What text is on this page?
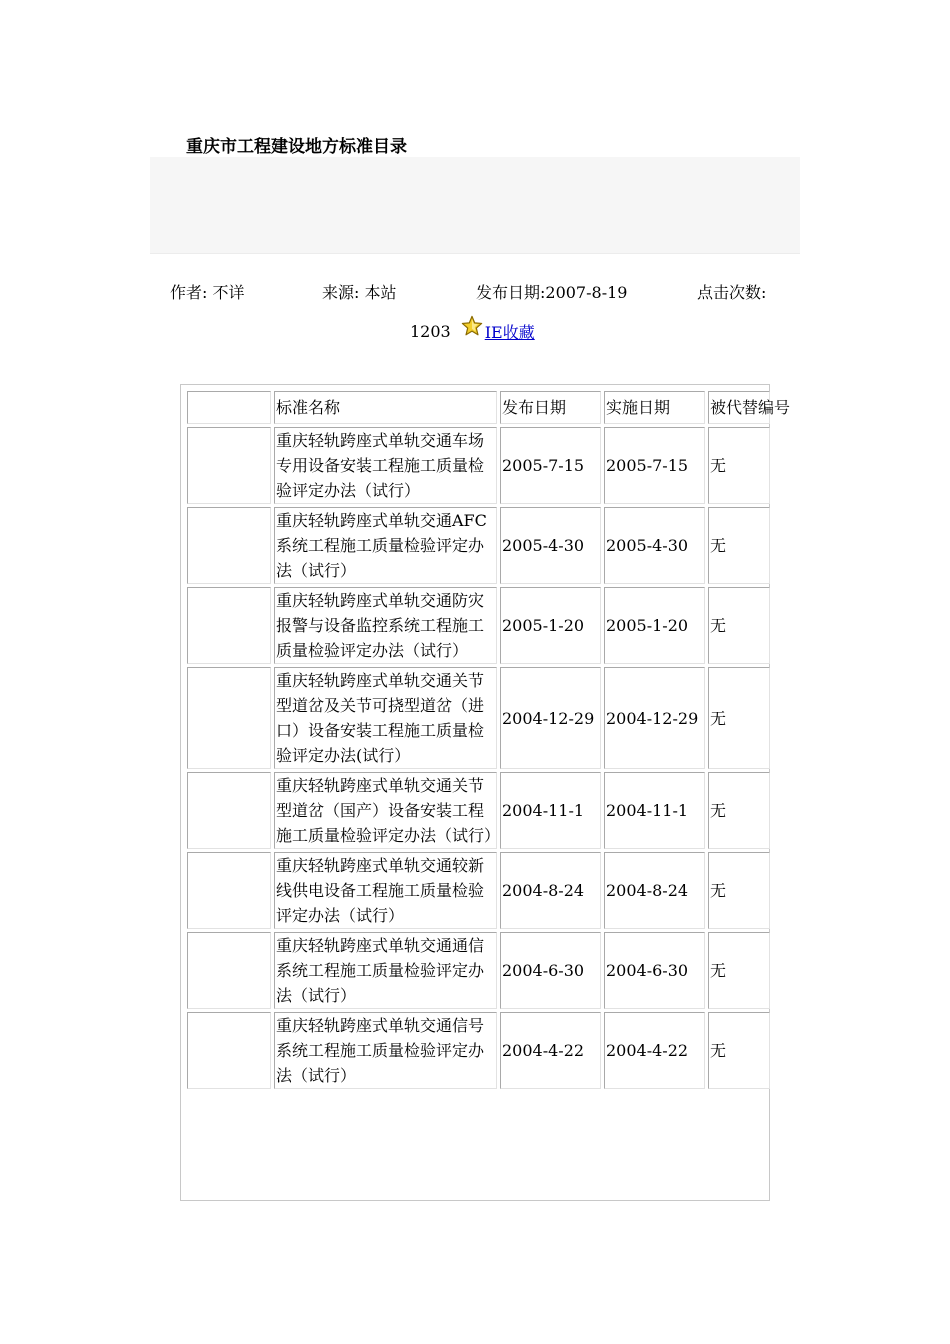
重庆市工程建设地方标准目录
作者: 不详	来源: 本站	发布日期:2007-8-19	点击次数:
1203 IE收藏
	标准名称	发布日期	实施日期	被代替编号
	重庆轻轨跨座式单轨交通车场专用设备安装工程施工质量检验评定办法（试行）	2005-7-15	2005-7-15	无
	重庆轻轨跨座式单轨交通AFC系统工程施工质量检验评定办法（试行）	2005-4-30	2005-4-30	无
	重庆轻轨跨座式单轨交通防灾报警与设备监控系统工程施工质量检验评定办法（试行）	2005-1-20	2005-1-20	无
	重庆轻轨跨座式单轨交通关节型道岔及关节可挠型道岔（进口）设备安装工程施工质量检验评定办法(试行）	2004-12-29	2004-12-29	无
	重庆轻轨跨座式单轨交通关节型道岔（国产）设备安装工程施工质量检验评定办法（试行）	2004-11-1	2004-11-1	无
	重庆轻轨跨座式单轨交通较新线供电设备工程施工质量检验评定办法（试行）	2004-8-24	2004-8-24	无
	重庆轻轨跨座式单轨交通通信系统工程施工质量检验评定办法（试行）	2004-6-30	2004-6-30	无
	重庆轻轨跨座式单轨交通信号系统工程施工质量检验评定办法（试行）	2004-4-22	2004-4-22	无
